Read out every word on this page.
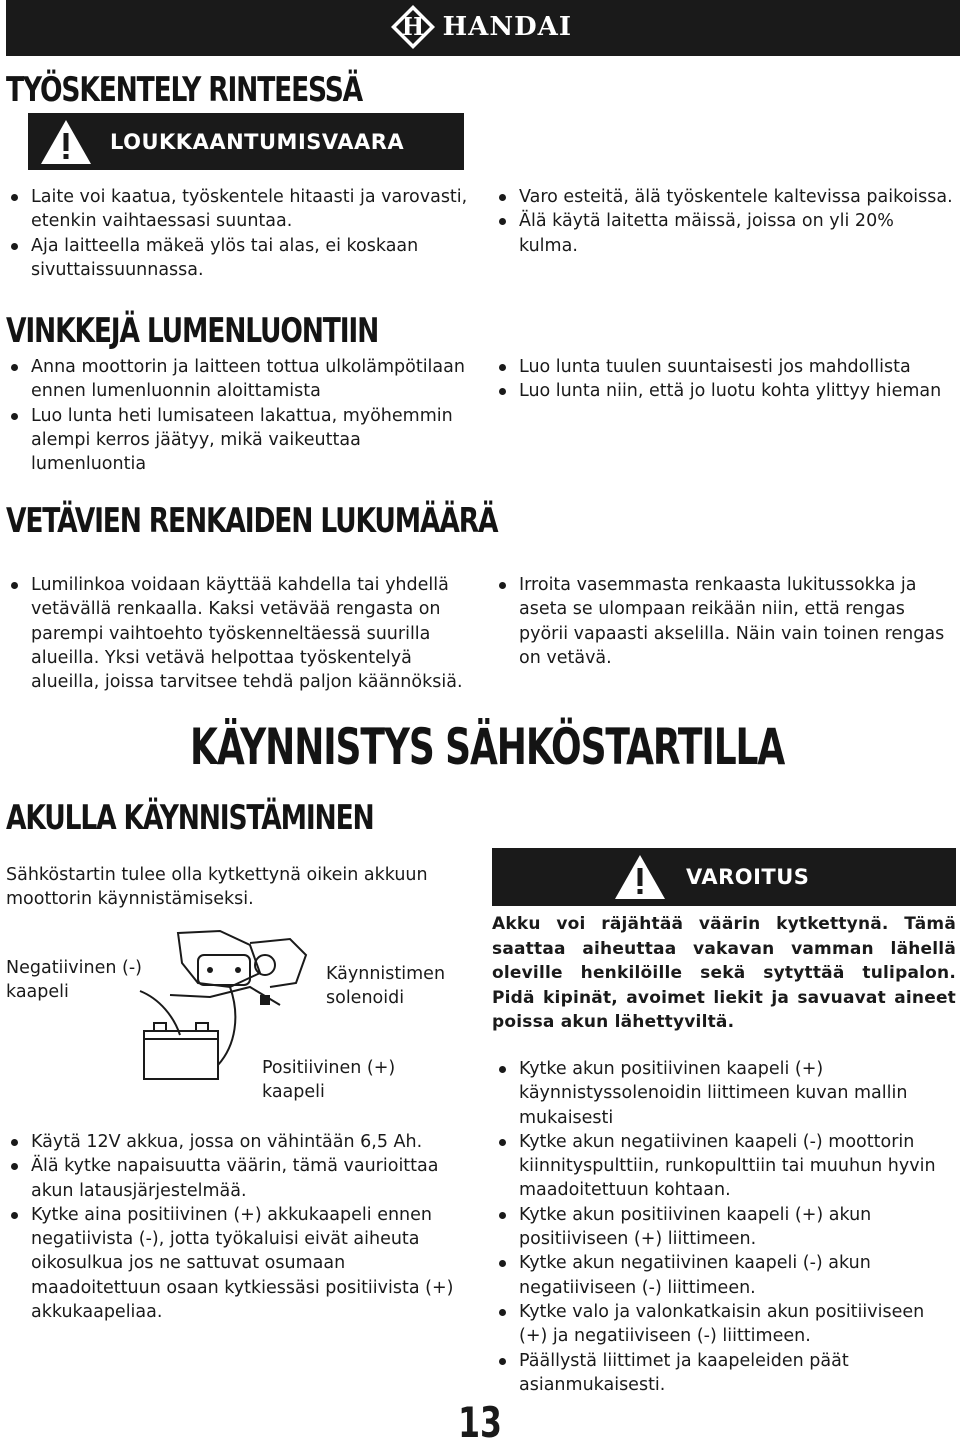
H HANDAI
TYÖSKENTELY RINTEESSÄ
LOUKKAANTUMISVAARA
Laite voi kaatua, työskentele hitaasti ja varovasti, etenkin vaihtaessasi suuntaa.
Aja laitteella mäkeä ylös tai alas, ei koskaan sivuttaissuunnassa.
Varo esteitä, älä työskentele kaltevissa paikoissa.
Älä käytä laitetta mäissä, joissa on yli 20% kulma.
VINKKEJÄ LUMENLUONTIIN
Anna moottorin ja laitteen tottua ulkolämpötilaan ennen lumenluonnin aloittamista
Luo lunta heti lumisateen lakattua, myöhemmin alempi kerros jäätyy, mikä vaikeuttaa lumenluontia
Luo lunta tuulen suuntaisesti jos mahdollista
Luo lunta niin, että jo luotu kohta ylittyy hieman
VETÄVIEN RENKAIDEN LUKUMÄÄRÄ
Lumilinkoa voidaan käyttää kahdella tai yhdellä vetävällä renkaalla. Kaksi vetävää rengasta on parempi vaihtoehto työskenneltäessä suurilla alueilla. Yksi vetävä helpottaa työskentelyä alueilla, joissa tarvitsee tehdä paljon käännöksiä.
Irroita vasemmasta renkaasta lukitussokka ja aseta se ulompaan reikään niin, että rengas pyörii vapaasti akselilla. Näin vain toinen rengas on vetävä.
KÄYNNISTYS SÄHKÖSTARTILLA
AKULLA KÄYNNISTÄMINEN
Sähköstartin tulee olla kytkettynä oikein akkuun moottorin käynnistämiseksi.
Negatiivinen (-) kaapeli
Käynnistimen solenoidi
Positiivinen (+) kaapeli
VAROITUS
Akku voi räjähtää väärin kytkettynä. Tämä saattaa aiheuttaa vakavan vamman lähellä oleville henkilöille sekä sytyttää tulipalon. Pidä kipinät, avoimet liekit ja savuavat aineet poissa akun lähettyviltä.
Käytä 12V akkua, jossa on vähintään 6,5 Ah.
Älä kytke napaisuutta väärin, tämä vaurioittaa akun latausjärjestelmää.
Kytke aina positiivinen (+) akkukaapeli ennen negatiivista (-), jotta työkaluisi eivät aiheuta oikosulkua jos ne sattuvat osumaan maadoitettuun osaan kytkiessäsi positiivista (+) akkukaapeliaa.
Kytke akun positiivinen kaapeli (+) käynnistyssolenoidin liittimeen kuvan mallin mukaisesti
Kytke akun negatiivinen kaapeli (-) moottorin kiinnityspulttiin, runkopulttiin tai muuhun hyvin maadoitettuun kohtaan.
Kytke akun positiivinen kaapeli (+) akun positiiviseen (+) liittimeen.
Kytke akun negatiivinen kaapeli (-) akun negatiiviseen (-) liittimeen.
Kytke valo ja valonkatkaisin akun positiiviseen (+) ja negatiiviseen (-) liittimeen.
Päällystä liittimet ja kaapeleiden päät asianmukaisesti.
13
